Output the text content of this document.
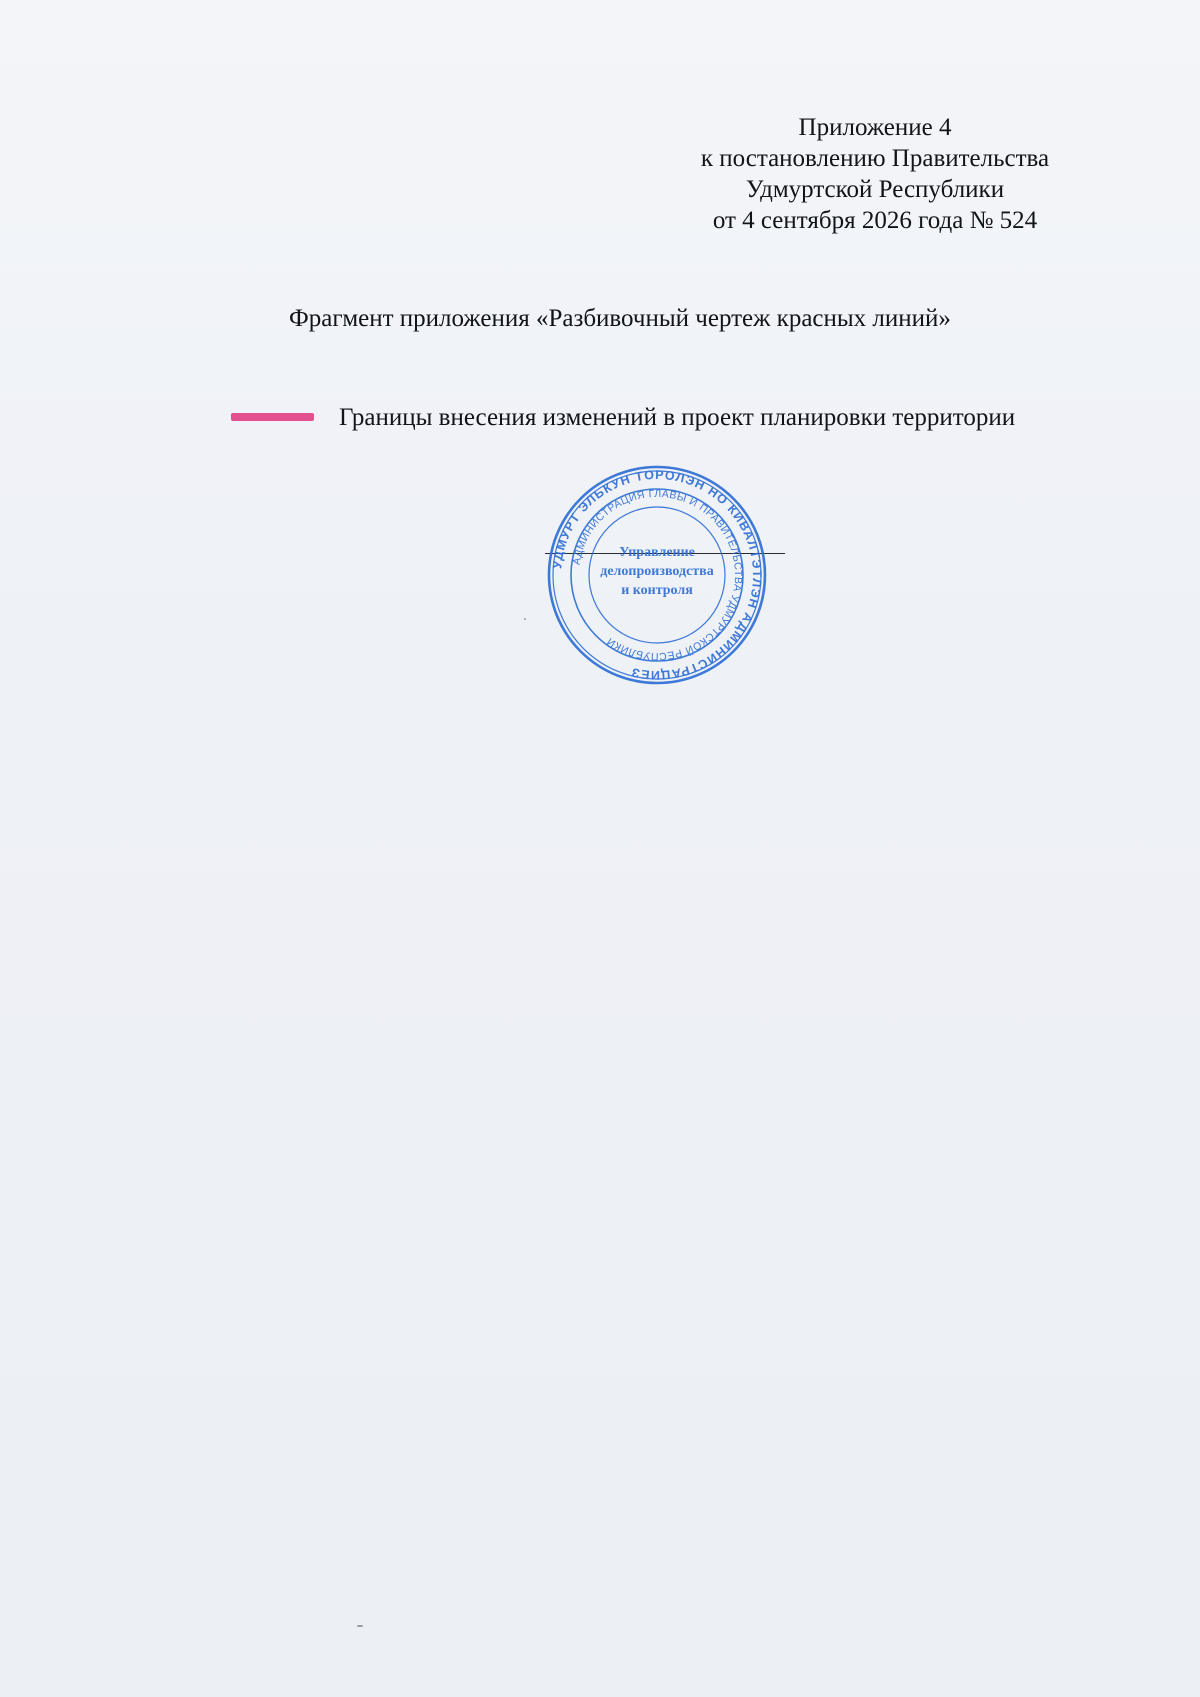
Приложение 4
к постановлению Правительства
Удмуртской Республики
от 4 сентября 2026 года № 524
Фрагмент приложения «Разбивочный чертеж красных линий»
Границы внесения изменений в проект планировки территории
УДМУРТ ЭЛЬКУН ТОРОЛЭН НО КИВАЛТЭТЛЭН АДМИНИСТРАЦИЕЗ
АДМИНИСТРАЦИЯ ГЛАВЫ И ПРАВИТЕЛЬСТВА УДМУРТСКОЙ РЕСПУБЛИКИ
Управление
делопроизводства
и контроля
